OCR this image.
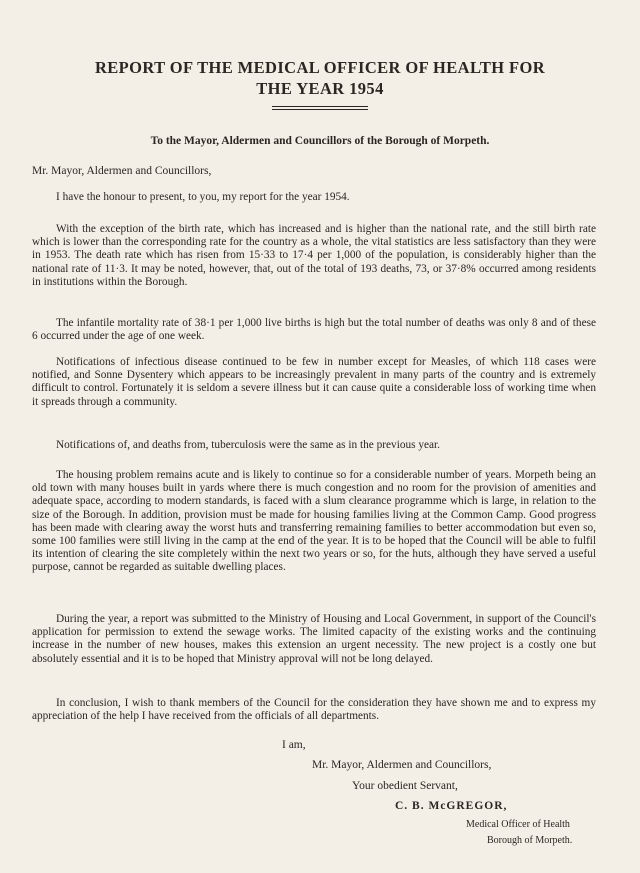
REPORT OF THE MEDICAL OFFICER OF HEALTH FOR
THE YEAR 1954
To the Mayor, Aldermen and Councillors of the Borough of Morpeth.
Mr. Mayor, Aldermen and Councillors,

I have the honour to present, to you, my report for the year 1954.

With the exception of the birth rate, which has increased and is higher than the national rate, and the still birth rate which is lower than the corresponding rate for the country as a whole, the vital statistics are less satisfactory than they were in 1953. The death rate which has risen from 15·33 to 17·4 per 1,000 of the population, is considerably higher than the national rate of 11·3. It may be noted, however, that, out of the total of 193 deaths, 73, or 37·8% occurred among residents in institutions within the Borough.

The infantile mortality rate of 38·1 per 1,000 live births is high but the total number of deaths was only 8 and of these 6 occurred under the age of one week.

Notifications of infectious disease continued to be few in number except for Measles, of which 118 cases were notified, and Sonne Dysentery which appears to be increasingly prevalent in many parts of the country and is extremely difficult to control. Fortunately it is seldom a severe illness but it can cause quite a considerable loss of working time when it spreads through a community.

Notifications of, and deaths from, tuberculosis were the same as in the previous year.

The housing problem remains acute and is likely to continue so for a considerable number of years. Morpeth being an old town with many houses built in yards where there is much congestion and no room for the provision of amenities and adequate space, according to modern standards, is faced with a slum clearance programme which is large, in relation to the size of the Borough. In addition, provision must be made for housing families living at the Common Camp. Good progress has been made with clearing away the worst huts and transferring remaining families to better accommodation but even so, some 100 families were still living in the camp at the end of the year. It is to be hoped that the Council will be able to fulfil its intention of clearing the site completely within the next two years or so, for the huts, although they have served a useful purpose, cannot be regarded as suitable dwelling places.

During the year, a report was submitted to the Ministry of Housing and Local Government, in support of the Council's application for permission to extend the sewage works. The limited capacity of the existing works and the continuing increase in the number of new houses, makes this extension an urgent necessity. The new project is a costly one but absolutely essential and it is to be hoped that Ministry approval will not be long delayed.

In conclusion, I wish to thank members of the Council for the consideration they have shown me and to express my appreciation of the help I have received from the officials of all departments.

I am,
Mr. Mayor, Aldermen and Councillors,
Your obedient Servant,
C. B. McGREGOR,
Medical Officer of Health
Borough of Morpeth.
